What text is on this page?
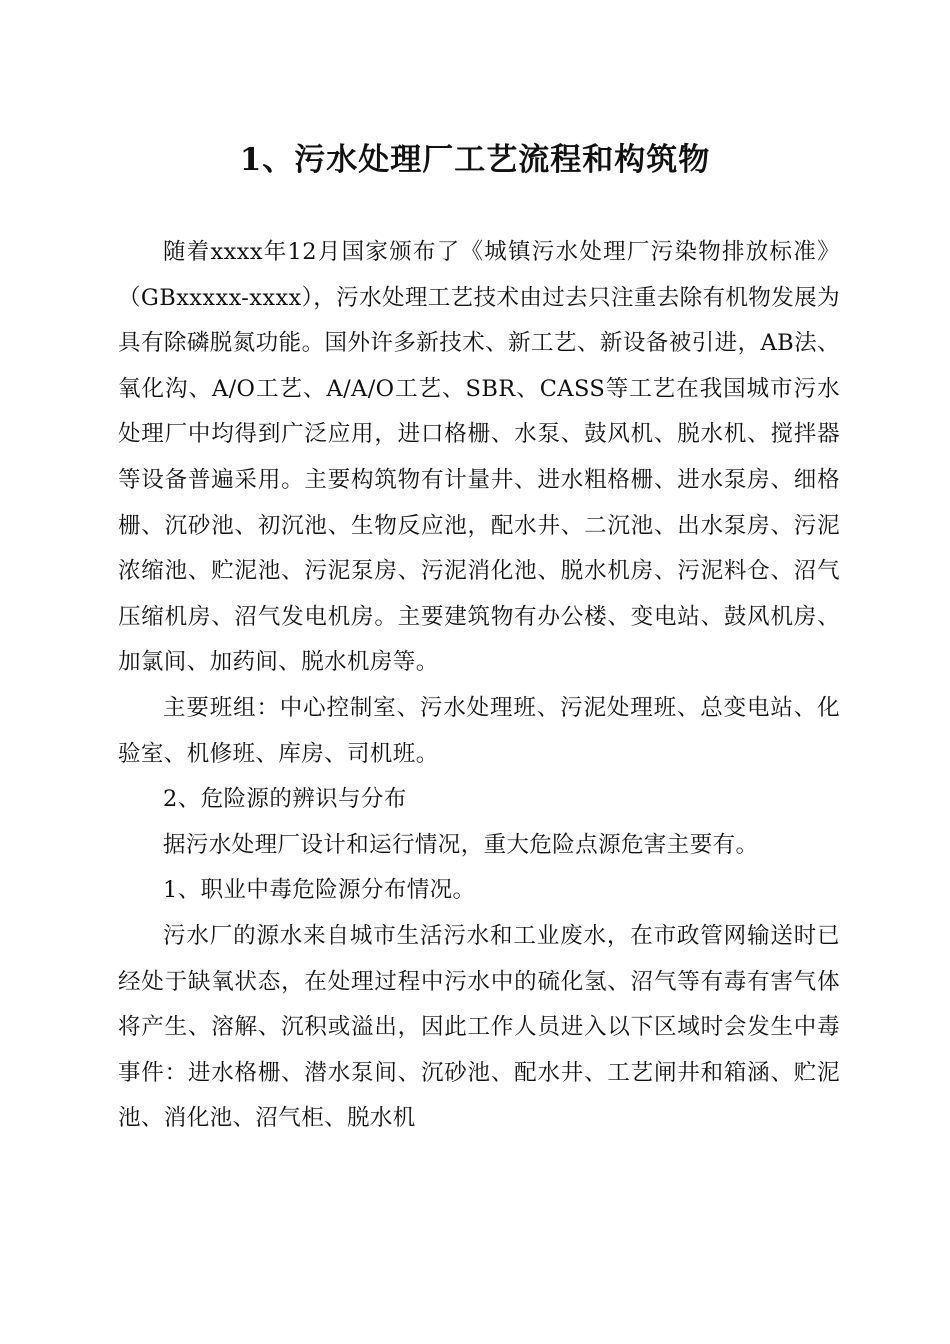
1、污水处理厂工艺流程和构筑物

随着xxxx年12月国家颁布了《城镇污水处理厂污染物排放标准》（GBxxxxx-xxxx），污水处理工艺技术由过去只注重去除有机物发展为具有除磷脱氮功能。国外许多新技术、新工艺、新设备被引进，AB法、氧化沟、A/O工艺、A/A/O工艺、SBR、CASS等工艺在我国城市污水处理厂中均得到广泛应用，进口格栅、水泵、鼓风机、脱水机、搅拌器等设备普遍采用。主要构筑物有计量井、进水粗格栅、进水泵房、细格栅、沉砂池、初沉池、生物反应池，配水井、二沉池、出水泵房、污泥浓缩池、贮泥池、污泥泵房、污泥消化池、脱水机房、污泥料仓、沼气压缩机房、沼气发电机房。主要建筑物有办公楼、变电站、鼓风机房、加氯间、加药间、脱水机房等。

主要班组：中心控制室、污水处理班、污泥处理班、总变电站、化验室、机修班、库房、司机班。

2、危险源的辨识与分布

据污水处理厂设计和运行情况，重大危险点源危害主要有。

1、职业中毒危险源分布情况。

污水厂的源水来自城市生活污水和工业废水，在市政管网输送时已经处于缺氧状态，在处理过程中污水中的硫化氢、沼气等有毒有害气体将产生、溶解、沉积或溢出，因此工作人员进入以下区域时会发生中毒事件：进水格栅、潜水泵间、沉砂池、配水井、工艺闸井和箱涵、贮泥池、消化池、沼气柜、脱水机
